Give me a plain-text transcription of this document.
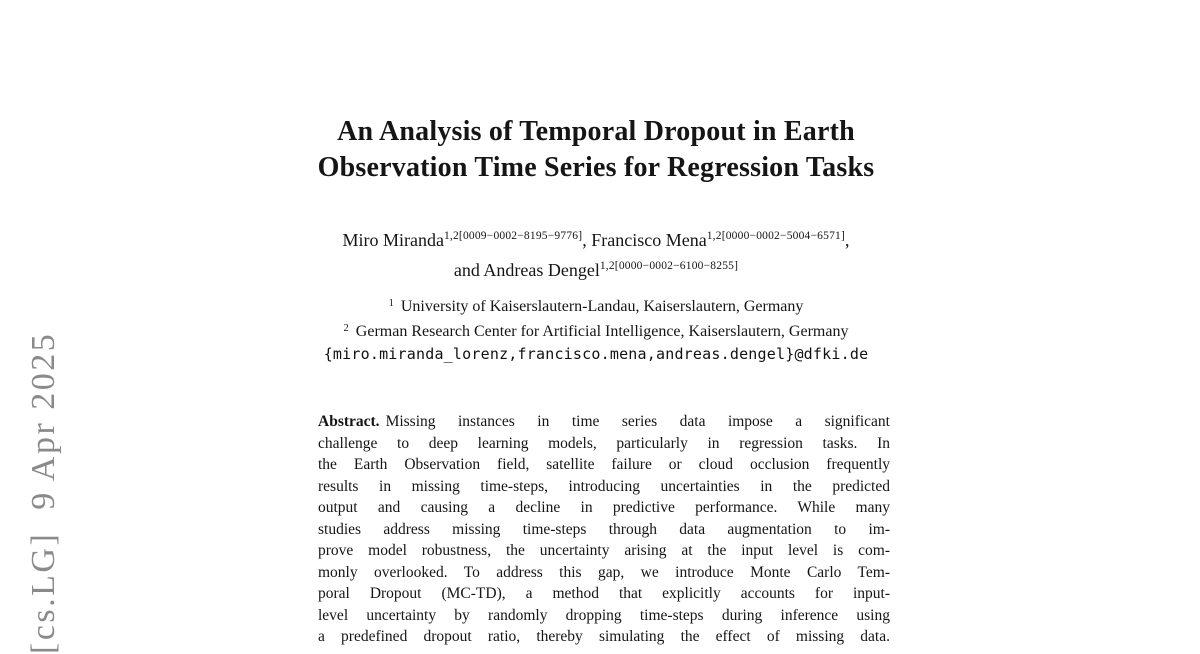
[cs.LG]  9 Apr 2025
An Analysis of Temporal Dropout in Earth
Observation Time Series for Regression Tasks
Miro Miranda$^{1,2[0009-0002-8195-9776]}$, Francisco Mena$^{1,2[0000-0002-5004-6571]}$,
and Andreas Dengel$^{1,2[0000-0002-6100-8255]}$
$^1$ University of Kaiserslautern-Landau, Kaiserslautern, Germany
$^2$ German Research Center for Artificial Intelligence, Kaiserslautern, Germany
{miro.miranda_lorenz,francisco.mena,andreas.dengel}@dfki.de
Abstract. Missing instances in time series data impose a significant
challenge to deep learning models, particularly in regression tasks. In
the Earth Observation field, satellite failure or cloud occlusion frequently
results in missing time-steps, introducing uncertainties in the predicted
output and causing a decline in predictive performance. While many
studies address missing time-steps through data augmentation to im-
prove model robustness, the uncertainty arising at the input level is com-
monly overlooked. To address this gap, we introduce Monte Carlo Tem-
poral Dropout (MC-TD), a method that explicitly accounts for input-
level uncertainty by randomly dropping time-steps during inference using
a predefined dropout ratio, thereby simulating the effect of missing data.
